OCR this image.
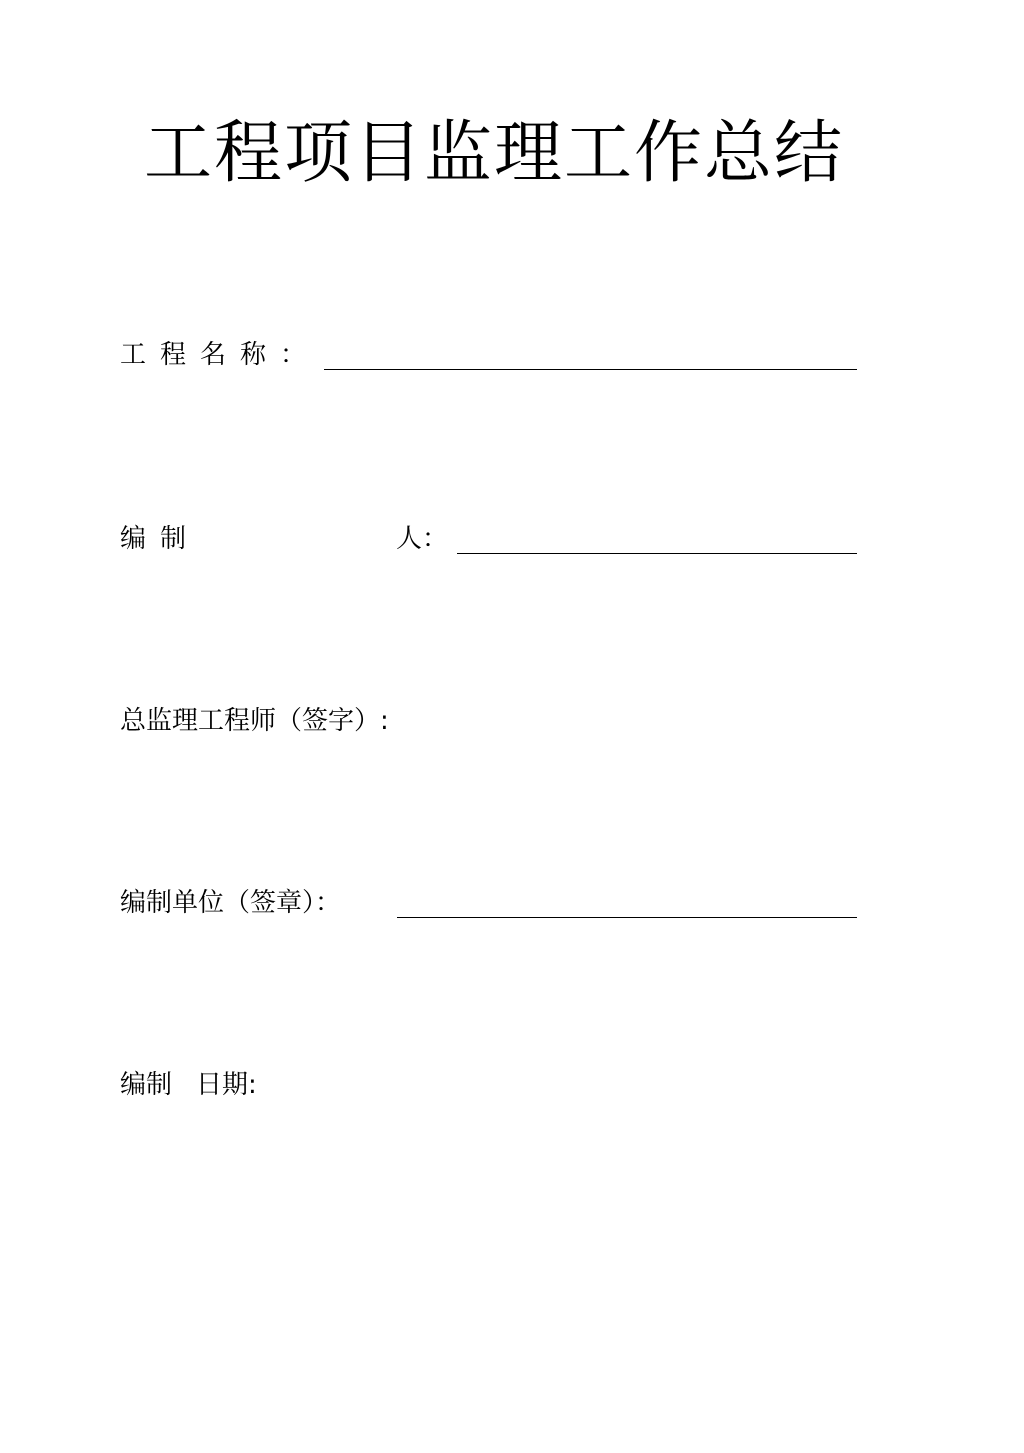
工程项目监理工作总结
工程名称：
编制	人：
总监理工程师（签字）:
编制单位（签章）：
编制 日期:
